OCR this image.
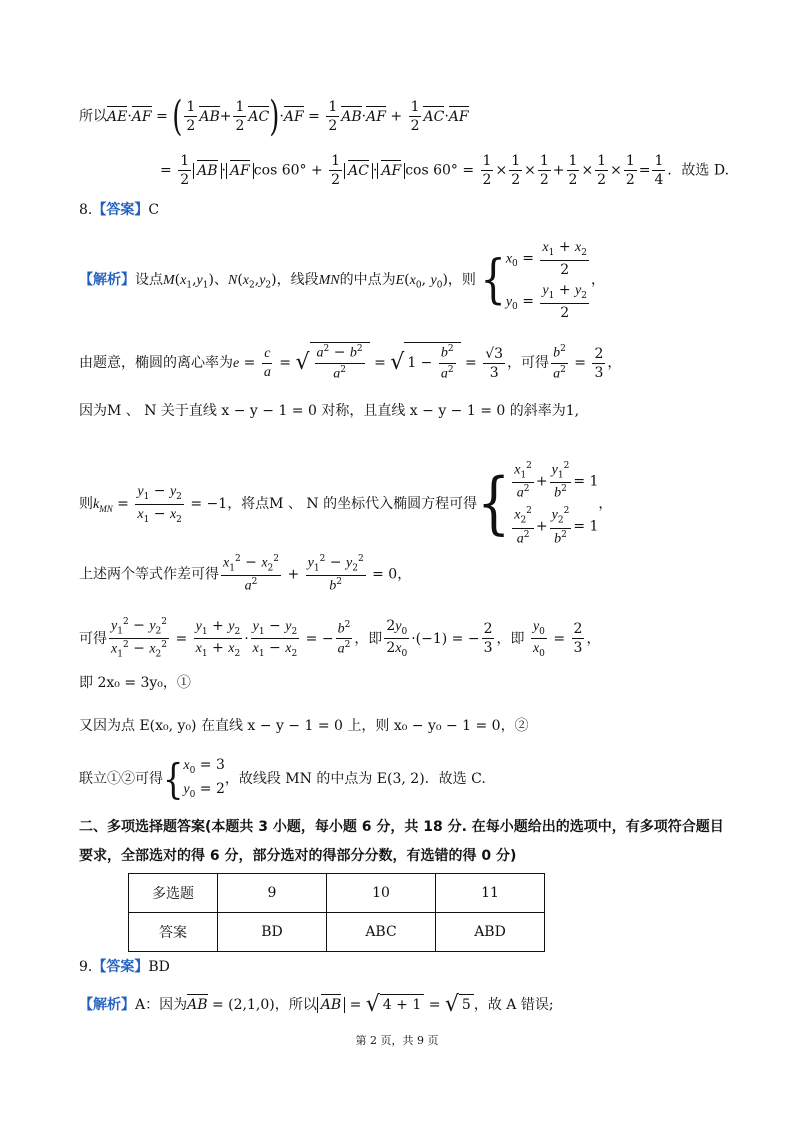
所以AE·AF = ( $\frac{1}{2} AB+ \frac{1}{2} AC)\cdot AF = \frac{1}{2} AB\cdot AF + \frac{1}{2} AC\cdot AF$
= $\frac{1}{2}$ AB · AF $\cos 60^\circ + \frac{1}{2}$ AC · AF $\cos 60^\circ = \frac{1}{2} \times \frac{1}{2} \times \frac{1}{2} + \frac{1}{2} \times \frac{1}{2} \times \frac{1}{2} = \frac{1}{4}$ ．故选 D.
8.【答案】C
【解析】设点$M(x_1,y_1)$、$N(x_2,y_2)$，线段MN的中点为$E(x_0$, $y_0$)，则 { $x_0 = \frac{x_1 + x_2}{2}$
$y_0 = \frac{y_1 + y_2}{2}$
，
由题意，椭圆的离心率为$e = \frac{c}{a}$ = √ $\frac{a^2 - b^2}{a^2}$ = √ $1 - \frac{b^2}{a^2} = \frac{√3}{3}$ ，可得 $\frac{b^2}{a^2} = \frac{2}{3}$ ，
因为M 、 N 关于直线 x − y − 1 = 0 对称，且直线 x − y − 1 = 0 的斜率为1,
则$k_{MN} = \frac{y_1 - y_2}{x_1 - x_2} = -1$，将点M 、 N 的坐标代入椭圆方程可得{ $\frac{x_1^2}{a^2} + \frac{y_1^2}{b^2} = 1$
$\frac{x_2^2}{a^2} + \frac{y_2^2}{b^2} = 1$
，
上述两个等式作差可得 $\frac{x_1^2 - x_2^2}{a^2} + \frac{y_1^2 - y_2^2}{b^2} = 0$，
可得 $\frac{y_1^2 - y_2^2}{x_1^2 - x_2^2} = \frac{y_1 + y_2}{x_1 + x_2} \cdot \frac{y_1 - y_2}{x_1 - x_2}$ = − $\frac{b^2}{a^2}$ ，即 $\frac{2y_0}{2x_0} \cdot(-1)$ = − $\frac{2}{3}$ ，即 $\frac{y_0}{x_0} = \frac{2}{3}$ ，
即 2x₀ = 3y₀，①
又因为点 E(x₀, y₀) 在直线 x − y − 1 = 0 上，则 x₀ − y₀ − 1 = 0，②
联立①②可得{ $x_0 = 3$
$y_0 = 2$
，故线段 MN 的中点为 E(3, 2)．故选 C.
二、多项选择题答案(本题共 3 小题，每小题 6 分，共 18 分. 在每小题给出的选项中，有多项符合题目
要求，全部选对的得 6 分，部分选对的得部分分数，有选错的得 0 分)
多选题	9	10	11
答案	BD	ABC	ABD
9.【答案】BD
【解析】A：因为AB = (2,1,0)，所以 AB = √ 4 + 1 = √ 5 ，故 A 错误;
第 2 页，共 9 页
